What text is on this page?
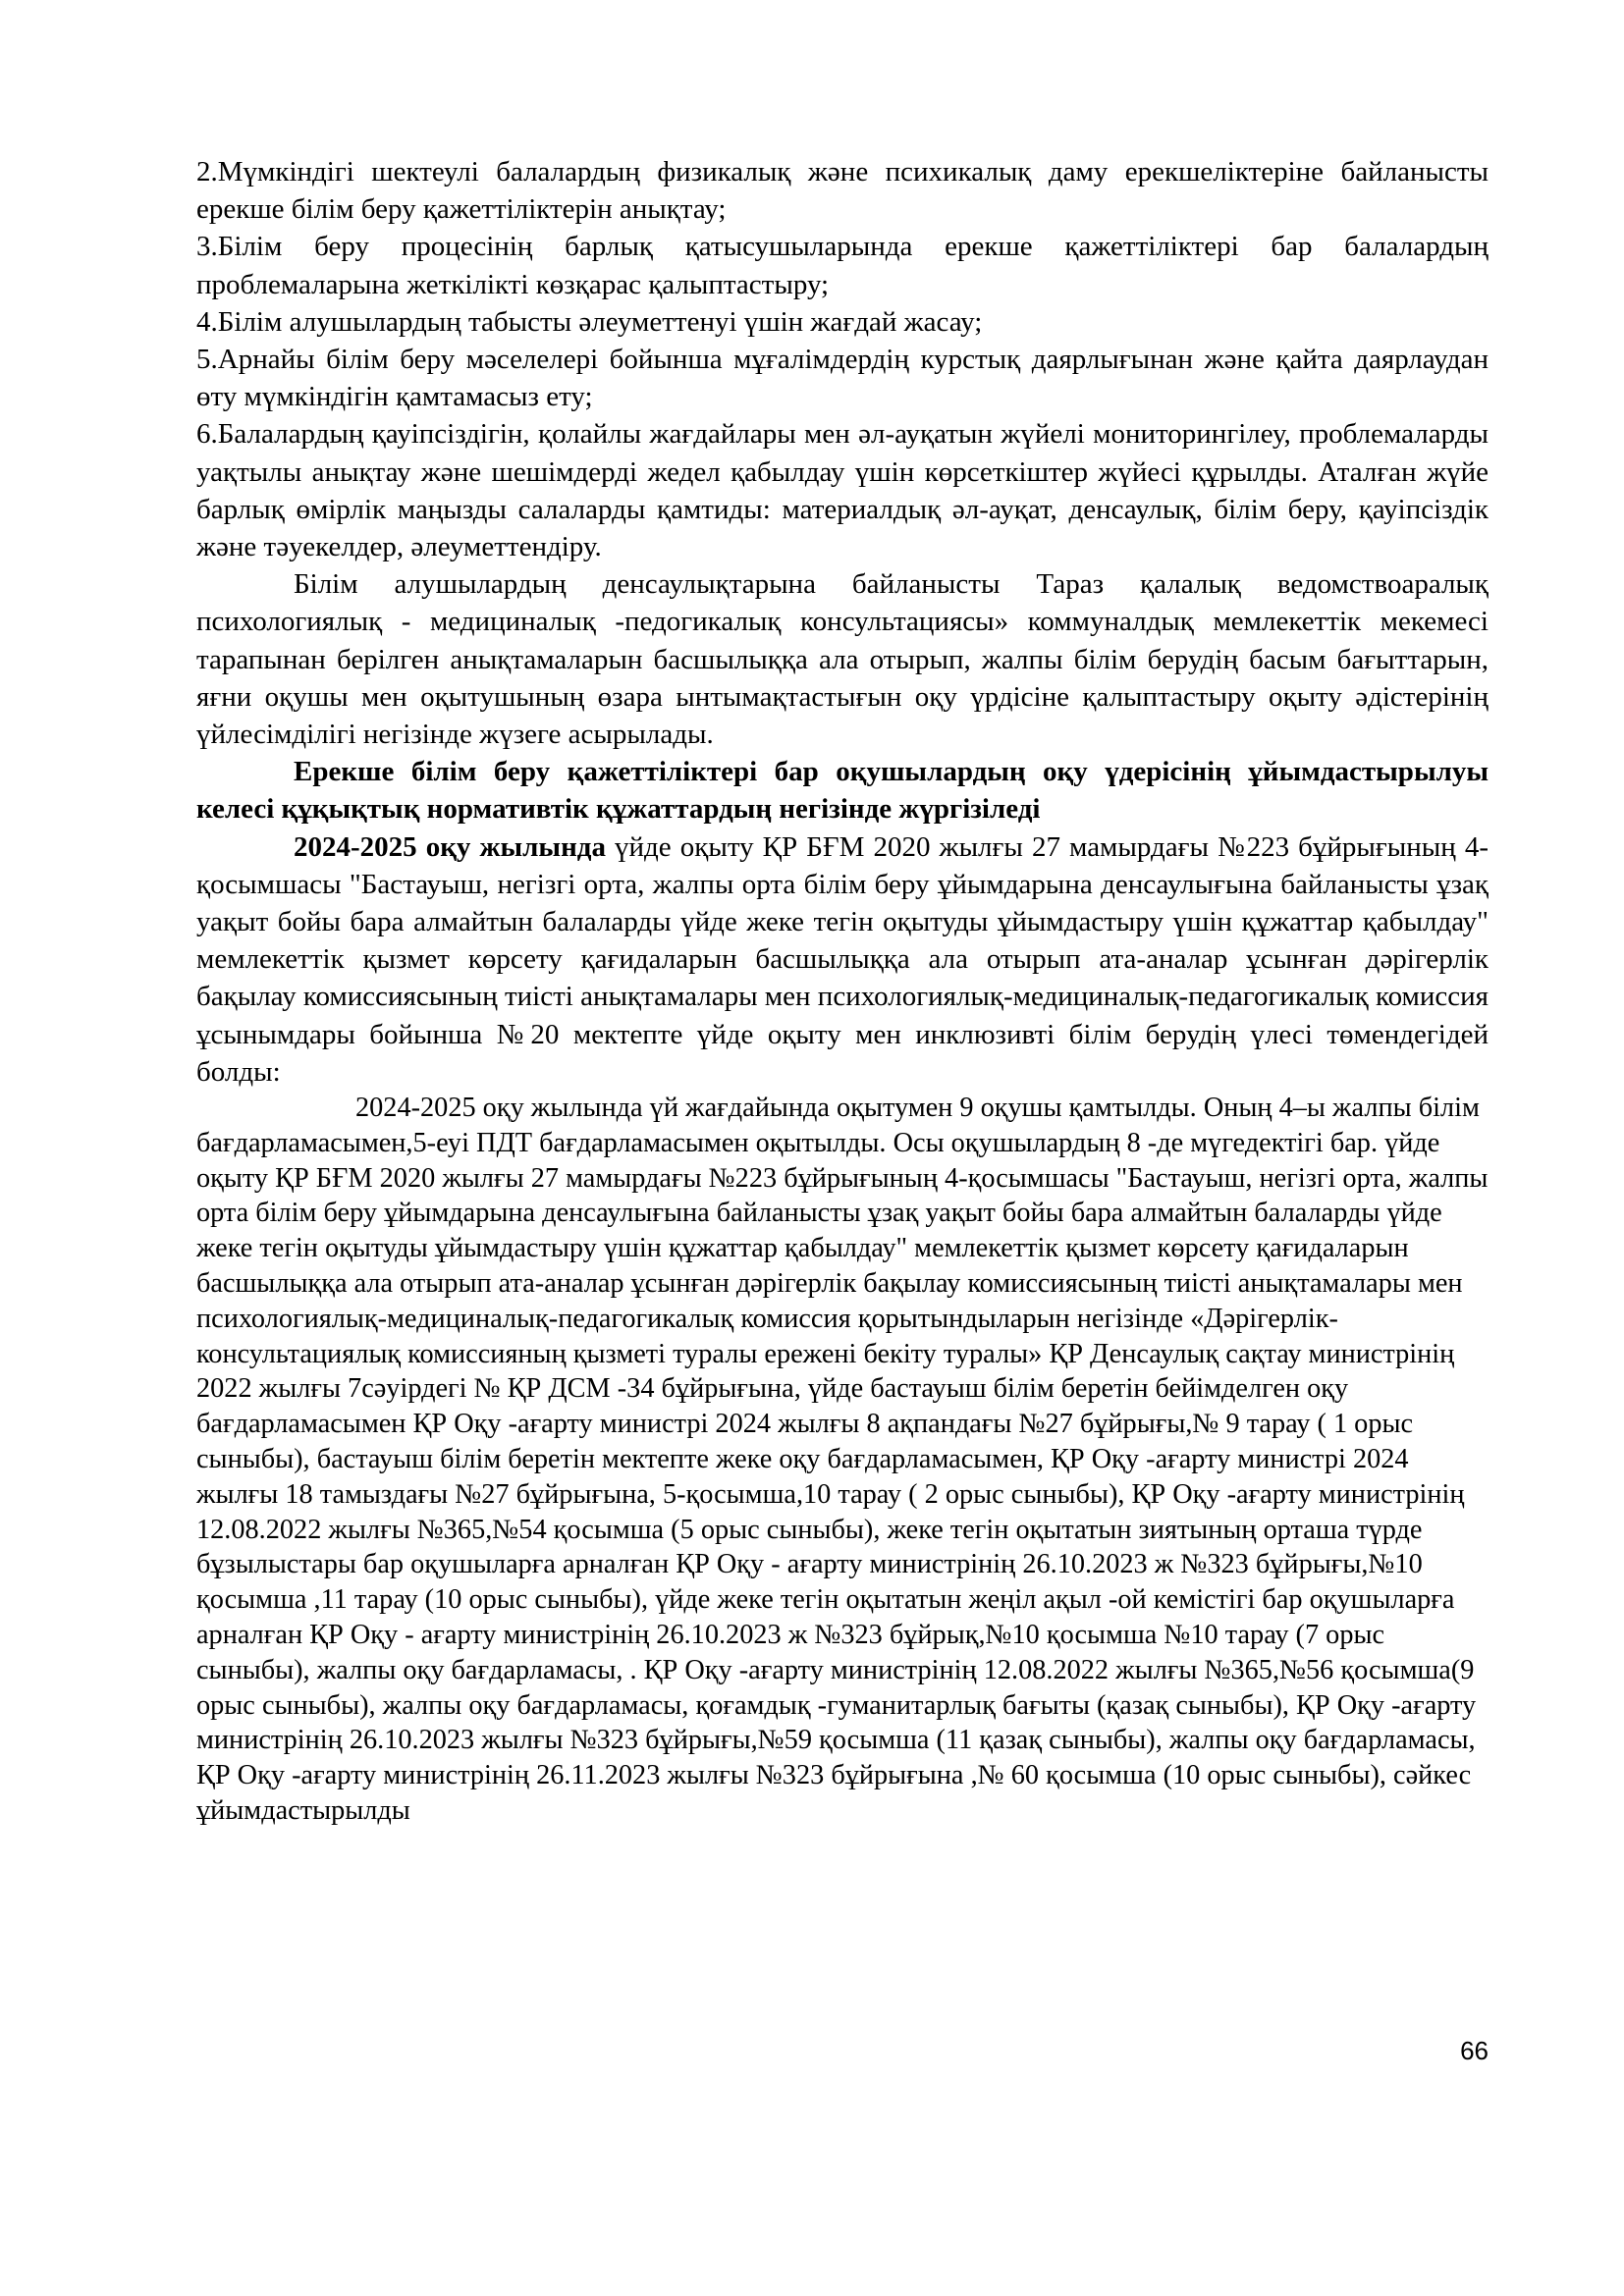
2.Мүмкіндігі шектеулі балалардың физикалық және психикалық даму ерекшеліктеріне байланысты ерекше білім беру қажеттіліктерін анықтау;

3.Білім беру процесінің барлық қатысушыларында ерекше қажеттіліктері бар балалардың проблемаларына жеткілікті көзқарас қалыптастыру;

4.Білім алушылардың табысты әлеуметтенуі үшін жағдай жасау;

5.Арнайы білім беру мәселелері бойынша мұғалімдердің курстық даярлығынан және қайта даярлаудан өту мүмкіндігін қамтамасыз ету;

6.Балалардың қауіпсіздігін, қолайлы жағдайлары мен әл-ауқатын жүйелі мониторингілеу, проблемаларды уақтылы анықтау және шешімдерді жедел қабылдау үшін көрсеткіштер жүйесі құрылды. Аталған жүйе барлық өмірлік маңызды салаларды қамтиды: материалдық әл-ауқат, денсаулық, білім беру, қауіпсіздік және тәуекелдер, әлеуметтендіру.

Білім алушылардың денсаулықтарына байланысты Тараз қалалық ведомствоаралық психологиялық - медициналық -педогикалық консультациясы» коммуналдық мемлекеттік мекемесі тарапынан берілген анықтамаларын басшылыққа ала отырып, жалпы білім берудің басым бағыттарын, яғни оқушы мен оқытушының өзара ынтымақтастығын оқу үрдісіне қалыптастыру оқыту әдістерінің үйлесімділігі негізінде жүзеге асырылады.

Ерекше білім беру қажеттіліктері бар оқушылардың оқу үдерісінің ұйымдастырылуы келесі құқықтық нормативтік құжаттардың негізінде жүргізіледі

2024-2025 оқу жылында үйде оқыту ҚР БҒМ 2020 жылғы 27 мамырдағы №223 бұйрығының 4-қосымшасы "Бастауыш, негізгі орта, жалпы орта білім беру ұйымдарына денсаулығына байланысты ұзақ уақыт бойы бара алмайтын балаларды үйде жеке тегін оқытуды ұйымдастыру үшін құжаттар қабылдау" мемлекеттік қызмет көрсету қағидаларын басшылыққа ала отырып ата-аналар ұсынған дәрігерлік бақылау комиссиясының тиісті анықтамалары мен психологиялық-медициналық-педагогикалық комиссия ұсынымдары бойынша №20 мектепте үйде оқыту мен инклюзивті білім берудің үлесі төмендегідей болды:

2024-2025 оқу жылында үй жағдайында оқытумен 9 оқушы қамтылды. Оның 4–ы жалпы білім бағдарламасымен,5-еуі ПДТ бағдарламасымен оқытылды. Осы оқушылардың 8 -де мүгедектігі бар. үйде оқыту ҚР БҒМ 2020 жылғы 27 мамырдағы №223 бұйрығының 4-қосымшасы "Бастауыш, негізгі орта, жалпы орта білім беру ұйымдарына денсаулығына байланысты ұзақ уақыт бойы бара алмайтын балаларды үйде жеке тегін оқытуды ұйымдастыру үшін құжаттар қабылдау" мемлекеттік қызмет көрсету қағидаларын басшылыққа ала отырып ата-аналар ұсынған дәрігерлік бақылау комиссиясының тиісті анықтамалары мен психологиялық-медициналық-педагогикалық комиссия қорытындыларын негізінде «Дәрігерлік-консультациялық комиссияның қызметі туралы ережені бекіту туралы» ҚР Денсаулық сақтау министрінің 2022 жылғы 7сәуірдегі № ҚР ДСМ -34 бұйрығына, үйде бастауыш білім беретін бейімделген оқу бағдарламасымен ҚР Оқу -ағарту министрі 2024 жылғы 8 ақпандағы №27 бұйрығы,№ 9 тарау ( 1 орыс сыныбы), бастауыш білім беретін мектепте жеке оқу бағдарламасымен, ҚР Оқу -ағарту министрі 2024 жылғы 18 тамыздағы №27 бұйрығына, 5-қосымша,10 тарау ( 2 орыс сыныбы), ҚР Оқу -ағарту министрінің 12.08.2022 жылғы №365,№54 қосымша (5 орыс сыныбы), жеке тегін оқытатын зиятының орташа түрде бұзылыстары бар оқушыларға арналған ҚР Оқу - ағарту министрінің 26.10.2023 ж №323 бұйрығы,№10 қосымша ,11 тарау (10 орыс сыныбы), үйде жеке тегін оқытатын жеңіл ақыл -ой кемістігі бар оқушыларға арналған ҚР Оқу - ағарту министрінің 26.10.2023 ж №323 бұйрық,№10 қосымша №10 тарау (7 орыс сыныбы), жалпы оқу бағдарламасы, . ҚР Оқу -ағарту министрінің 12.08.2022 жылғы №365,№56 қосымша(9 орыс сыныбы), жалпы оқу бағдарламасы, қоғамдық -гуманитарлық бағыты (қазақ сыныбы), ҚР Оқу -ағарту министрінің 26.10.2023 жылғы №323 бұйрығы,№59 қосымша (11 қазақ сыныбы), жалпы оқу бағдарламасы, ҚР Оқу -ағарту министрінің 26.11.2023 жылғы №323 бұйрығына ,№ 60 қосымша (10 орыс сыныбы), сәйкес ұйымдастырылды

66
